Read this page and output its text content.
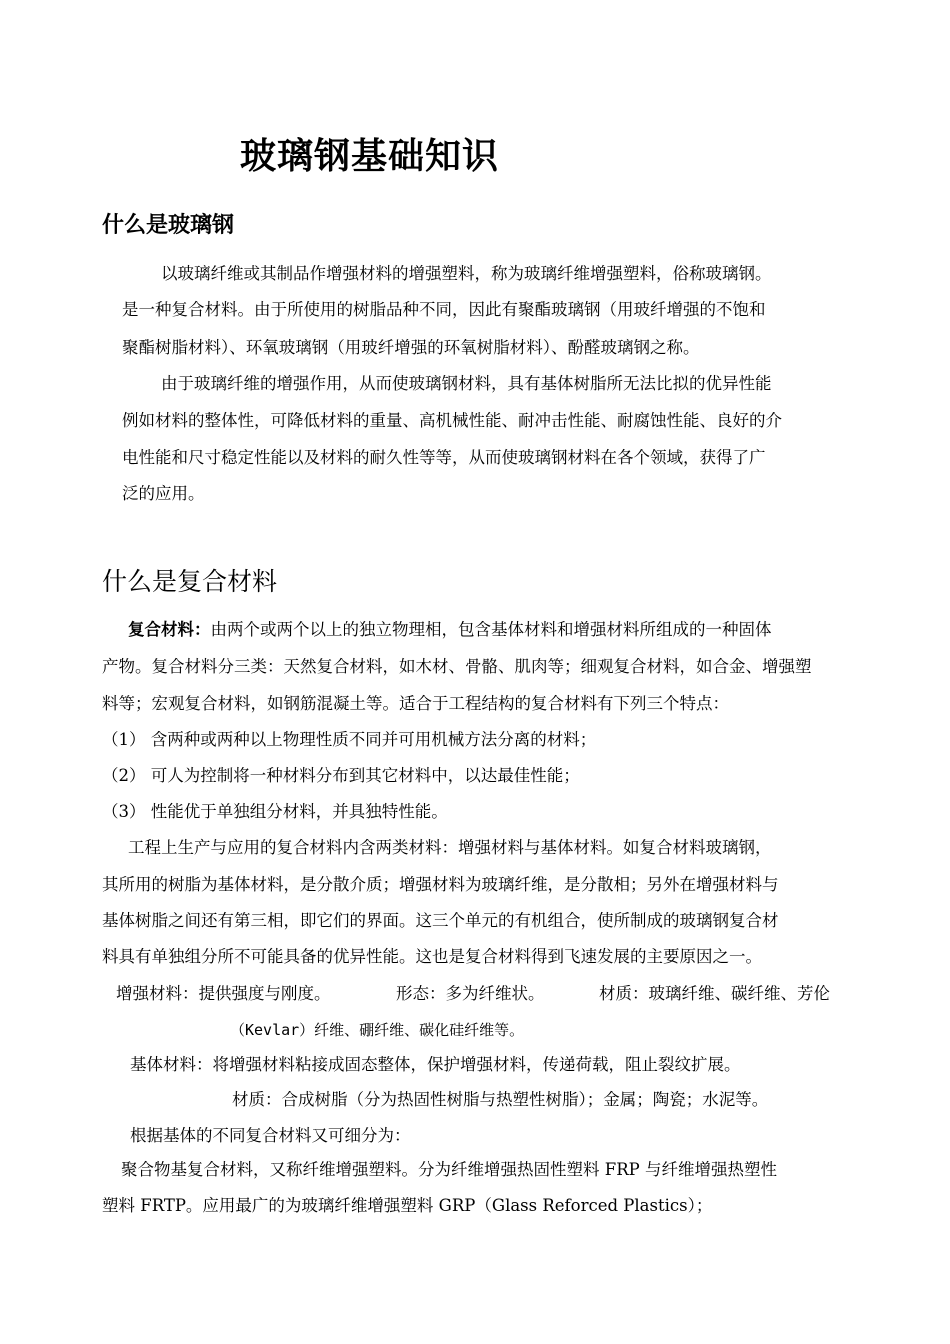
玻璃钢基础知识
什么是玻璃钢
以玻璃纤维或其制品作增强材料的增强塑料，称为玻璃纤维增强塑料，俗称玻璃钢。
是一种复合材料。由于所使用的树脂品种不同，因此有聚酯玻璃钢（用玻纤增强的不饱和
聚酯树脂材料）、环氧玻璃钢（用玻纤增强的环氧树脂材料）、酚醛玻璃钢之称。
由于玻璃纤维的增强作用，从而使玻璃钢材料，具有基体树脂所无法比拟的优异性能
例如材料的整体性，可降低材料的重量、高机械性能、耐冲击性能、耐腐蚀性能、良好的介
电性能和尺寸稳定性能以及材料的耐久性等等，从而使玻璃钢材料在各个领域，获得了广
泛的应用。
什么是复合材料
复合材料：由两个或两个以上的独立物理相，包含基体材料和增强材料所组成的一种固体
产物。复合材料分三类：天然复合材料，如木材、骨骼、肌肉等；细观复合材料，如合金、增强塑
料等；宏观复合材料，如钢筋混凝土等。适合于工程结构的复合材料有下列三个特点：
（1） 含两种或两种以上物理性质不同并可用机械方法分离的材料；
（2） 可人为控制将一种材料分布到其它材料中，以达最佳性能；
（3） 性能优于单独组分材料，并具独特性能。
工程上生产与应用的复合材料内含两类材料：增强材料与基体材料。如复合材料玻璃钢，
其所用的树脂为基体材料，是分散介质；增强材料为玻璃纤维，是分散相；另外在增强材料与
基体树脂之间还有第三相，即它们的界面。这三个单元的有机组合，使所制成的玻璃钢复合材
料具有单独组分所不可能具备的优异性能。这也是复合材料得到飞速发展的主要原因之一。
增强材料：提供强度与刚度。	形态：多为纤维状。	材质：玻璃纤维、碳纤维、芳伦
（Kevlar）纤维、硼纤维、碳化硅纤维等。
基体材料：将增强材料粘接成固态整体，保护增强材料，传递荷载，阻止裂纹扩展。
材质：合成树脂（分为热固性树脂与热塑性树脂）；金属；陶瓷；水泥等。
根据基体的不同复合材料又可细分为：
聚合物基复合材料，又称纤维增强塑料。分为纤维增强热固性塑料 FRP 与纤维增强热塑性
塑料 FRTP。应用最广的为玻璃纤维增强塑料 GRP（Glass Reforced Plastics）；
